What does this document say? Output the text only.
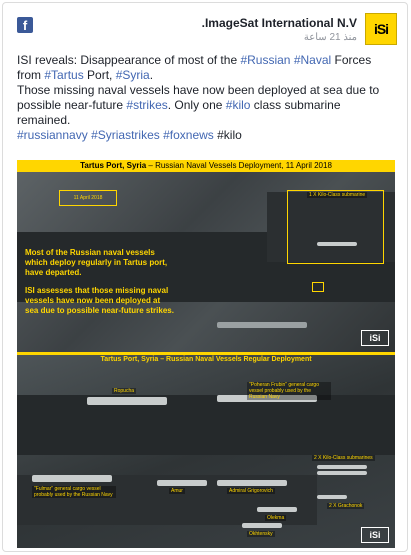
f	iSi
.ImageSat International N.V
منذ 21 ساعة

ISI reveals: Disappearance of most of the #Russian #Naval Forces

from #Tartus Port, #Syria.

Those missing naval vessels have now been deployed at sea due to

possible near-future #strikes. Only one #kilo class submarine

remained.

#russiannavy #Syriastrikes #foxnews #kilo

Tartus Port, Syria – Russian Naval Vessels Deployment, 11 April 2018
11 April 2018

Most of the Russian naval vessels which deploy regularly in Tartus port, have departed.

ISI assesses that those missing naval vessels have now been deployed at sea due to possible near-future strikes.

1 X Kilo-Class submarine
iSi
Tartus Port, Syria – Russian Naval Vessels Regular Deployment
Ropucha
"Poheran Frubin" general cargo vessel probably used by the Russian Navy
2 X Kilo-Class submarines
"Fulmar" general cargo vessel probably used by the Russian Navy
Amur	Admiral Grigorovich
2 X Grachonok
Olekma
Okhtensky	iSi
